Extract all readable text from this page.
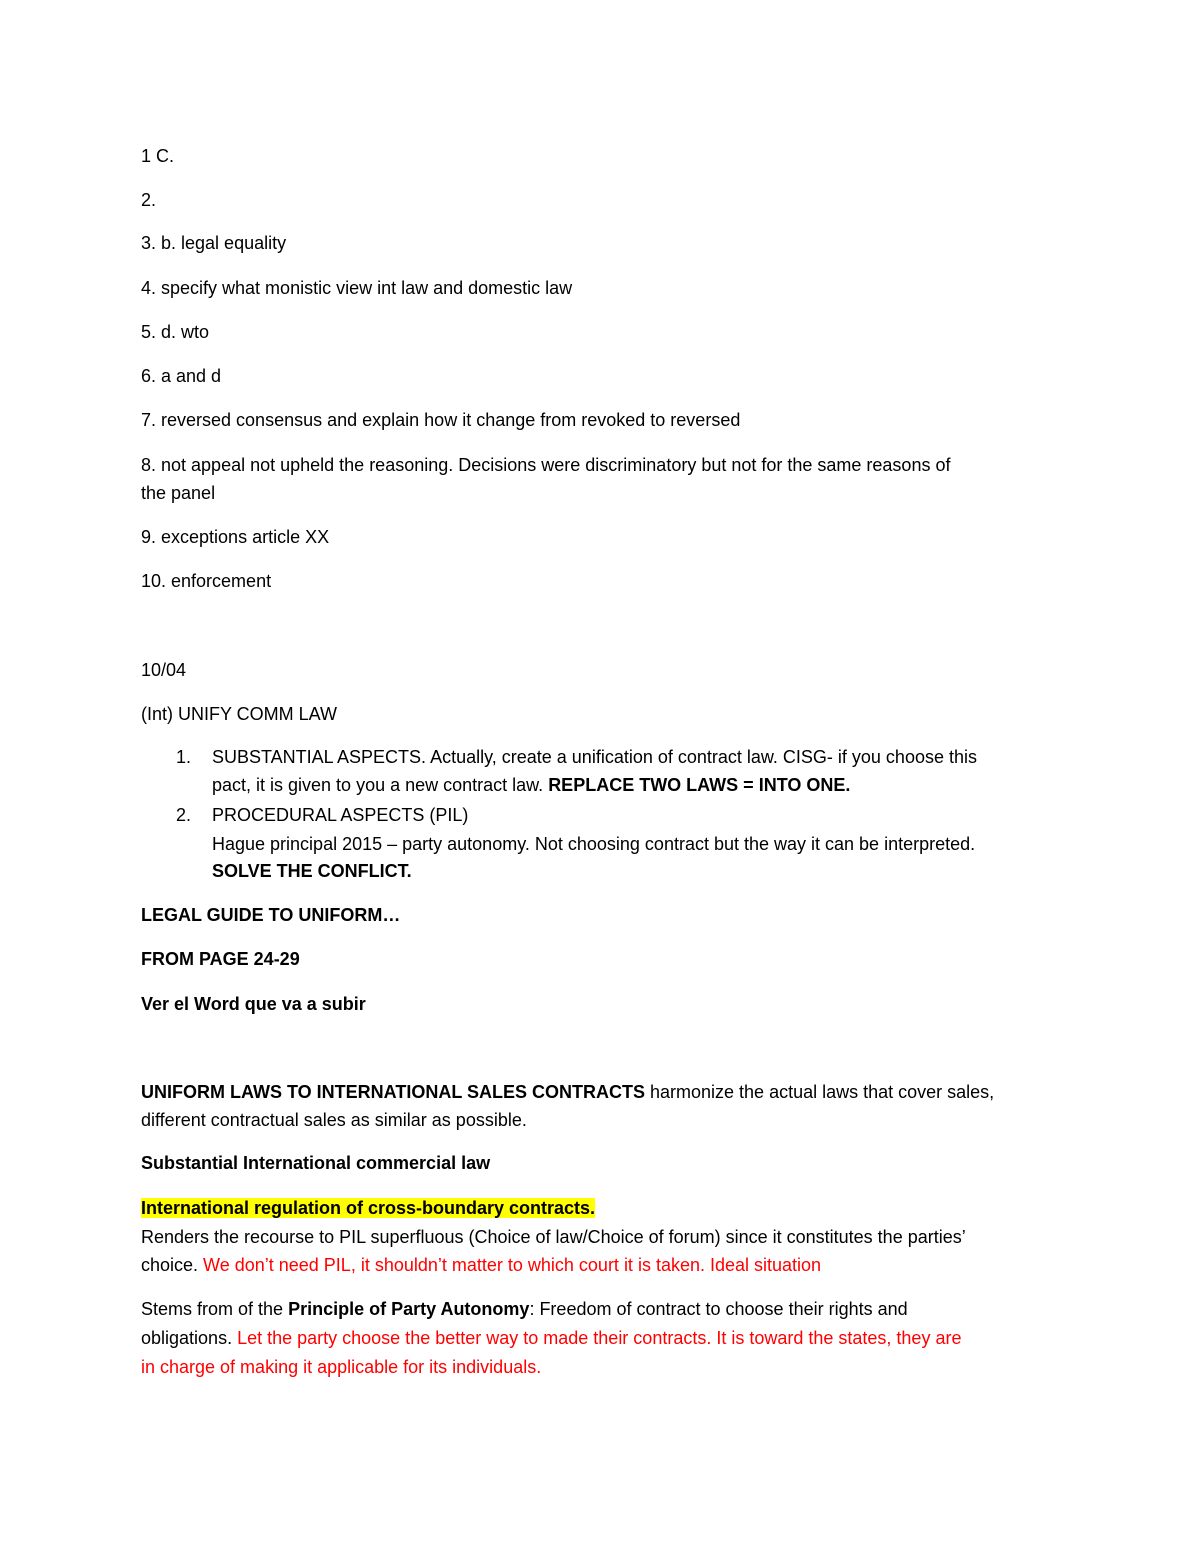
1 C.
2.
3. b. legal equality
4. specify what monistic view int law and domestic law
5. d. wto
6. a and d
7. reversed consensus and explain how it change from revoked to reversed
8. not appeal not upheld the reasoning. Decisions were discriminatory but not for the same reasons of
the panel
9. exceptions article XX
10. enforcement
10/04
(Int) UNIFY COMM LAW
1. SUBSTANTIAL ASPECTS. Actually, create a unification of contract law. CISG- if you choose this
pact, it is given to you a new contract law. REPLACE TWO LAWS = INTO ONE.
2. PROCEDURAL ASPECTS (PIL)
Hague principal 2015 – party autonomy. Not choosing contract but the way it can be interpreted.
SOLVE THE CONFLICT.
LEGAL GUIDE TO UNIFORM…
FROM PAGE 24-29
Ver el Word que va a subir
UNIFORM LAWS TO INTERNATIONAL SALES CONTRACTS harmonize the actual laws that cover sales,
different contractual sales as similar as possible.
Substantial International commercial law
International regulation of cross-boundary contracts.
Renders the recourse to PIL superfluous (Choice of law/Choice of forum) since it constitutes the parties’
choice. We don’t need PIL, it shouldn’t matter to which court it is taken. Ideal situation
Stems from of the Principle of Party Autonomy: Freedom of contract to choose their rights and
obligations. Let the party choose the better way to made their contracts. It is toward the states, they are
in charge of making it applicable for its individuals.
